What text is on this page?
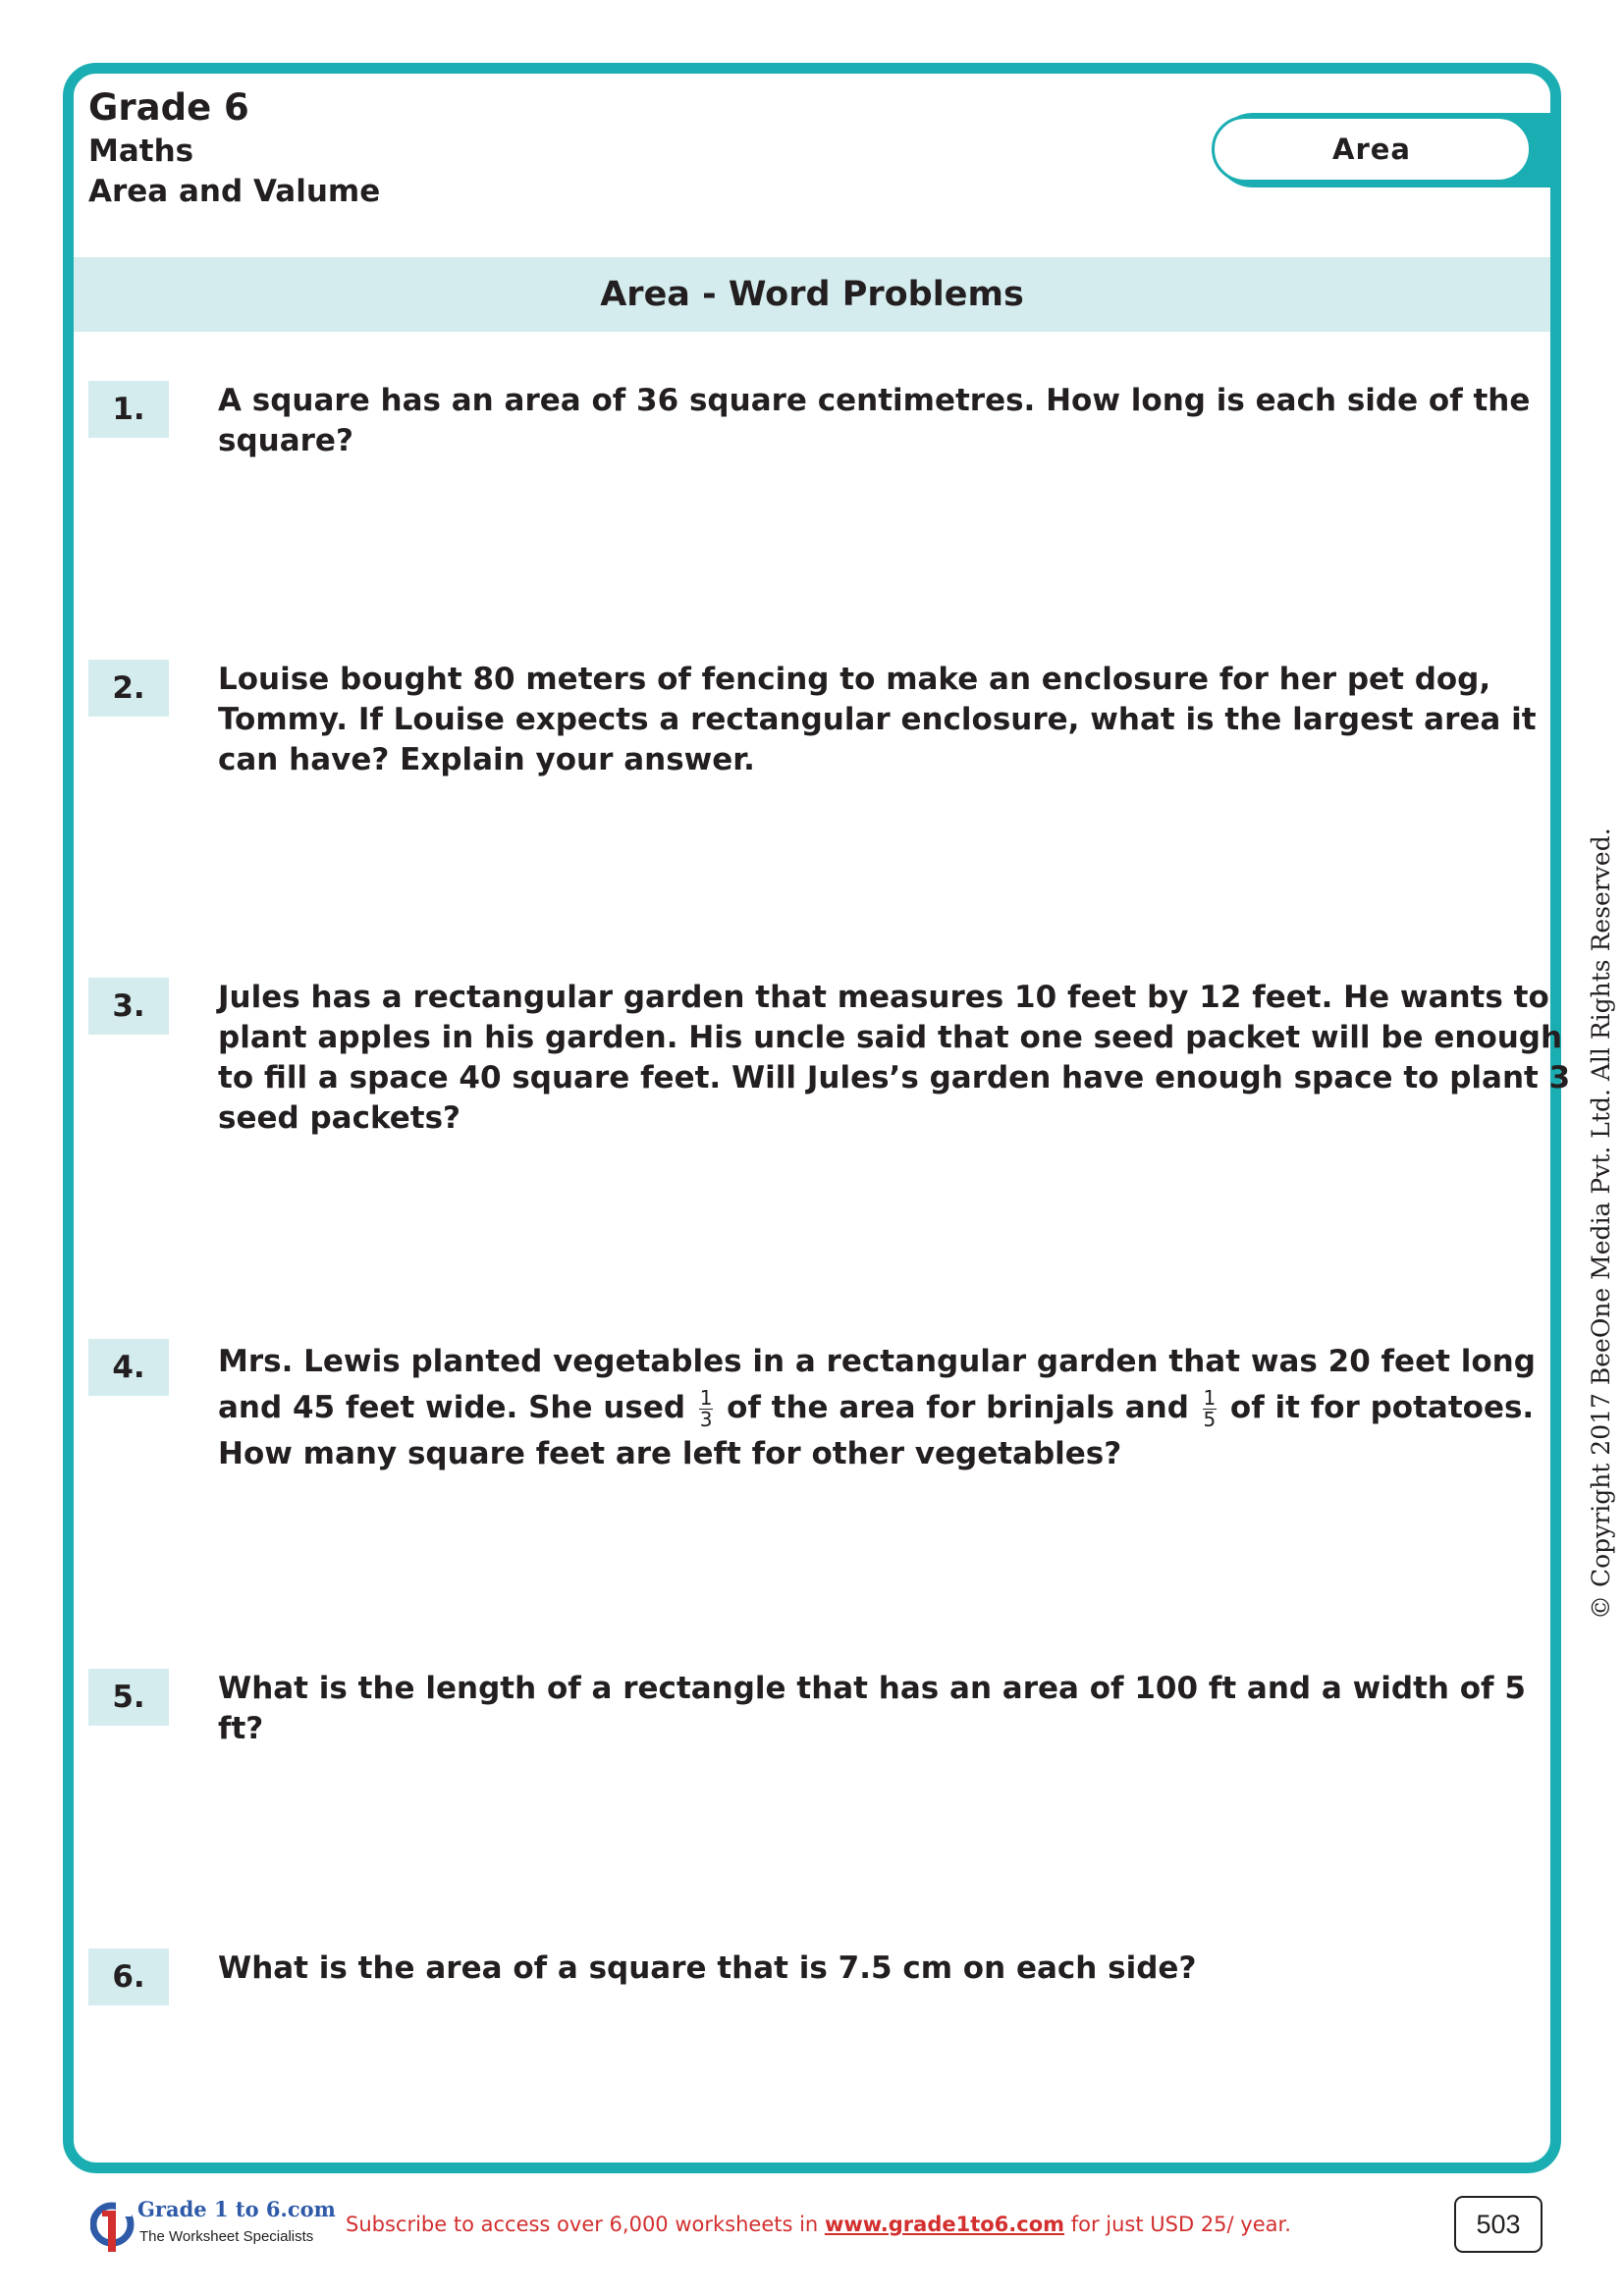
Grade 6
Maths
Area and Valume
Area
Area - Word Problems
1.	A square has an area of 36 square centimetres. How long is each side of the square?
2.	Louise bought 80 meters of fencing to make an enclosure for her pet dog, Tommy. If Louise expects a rectangular enclosure, what is the largest area it can have? Explain your answer.
3.	Jules has a rectangular garden that measures 10 feet by 12 feet. He wants to plant apples in his garden. His uncle said that one seed packet will be enough to fill a space 40 square feet. Will Jules’s garden have enough space to plant 3 seed packets?
4.	Mrs. Lewis planted vegetables in a rectangular garden that was 20 feet long and 45 feet wide. She used $\frac{1}{3}$ of the area for brinjals and $\frac{1}{5}$ of it for potatoes. How many square feet are left for other vegetables?
5.	What is the length of a rectangle that has an area of 100 ft and a width of 5 ft?
6.	What is the area of a square that is 7.5 cm on each side?
© Copyright 2017 BeeOne Media Pvt. Ltd. All Rights Reserved.
Grade 1 to 6.com
The Worksheet Specialists
Subscribe to access over 6,000 worksheets in www.grade1to6.com for just USD 25/ year.	503
